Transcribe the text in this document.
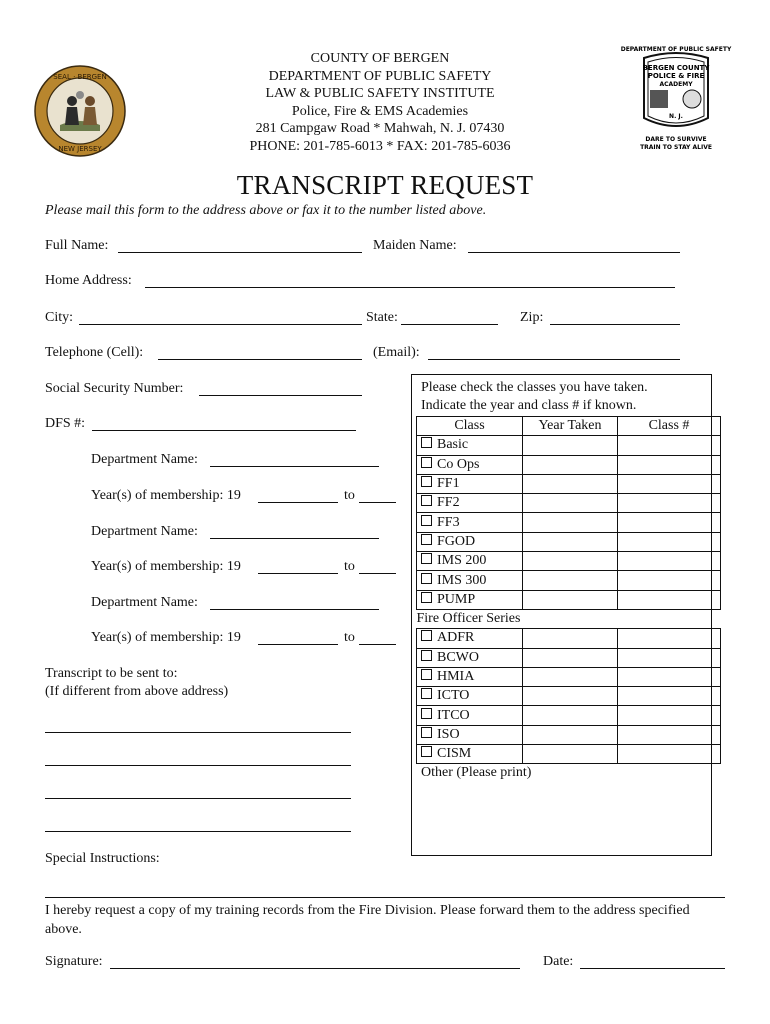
SEAL · BERGEN
NEW JERSEY
COUNTY OF BERGEN
DEPARTMENT OF PUBLIC SAFETY
LAW & PUBLIC SAFETY INSTITUTE
Police, Fire & EMS Academies
281 Campgaw Road * Mahwah, N. J. 07430
PHONE: 201-785-6013 * FAX: 201-785-6036
DEPARTMENT OF PUBLIC SAFETY
BERGEN COUNTY
POLICE & FIRE
ACADEMY
N. J.
DARE TO SURVIVE
TRAIN TO STAY ALIVE
TRANSCRIPT REQUEST
Please mail this form to the address above or fax it to the number listed above.
Full Name:	Maiden Name:
Home Address:
City:	State:	Zip:
Telephone (Cell):	(Email):
Social Security Number:
DFS #:
Department Name:
Year(s) of membership: 19	to
Department Name:
Year(s) of membership: 19	to
Department Name:
Year(s) of membership: 19	to
Transcript to be sent to:
(If different from above address)
Please check the classes you have taken.
Indicate the year and class # if known.
Class	Year Taken	Class #
Basic		
Co Ops		
FF1		
FF2		
FF3		
FGOD		
IMS 200		
IMS 300		
PUMP		
Fire Officer Series		
ADFR		
BCWO		
HMIA		
ICTO		
ITCO		
ISO		
CISM		
Other (Please print)
Special Instructions:
I hereby request a copy of my training records from the Fire Division. Please forward them to the address specified above.
Signature:	Date:
